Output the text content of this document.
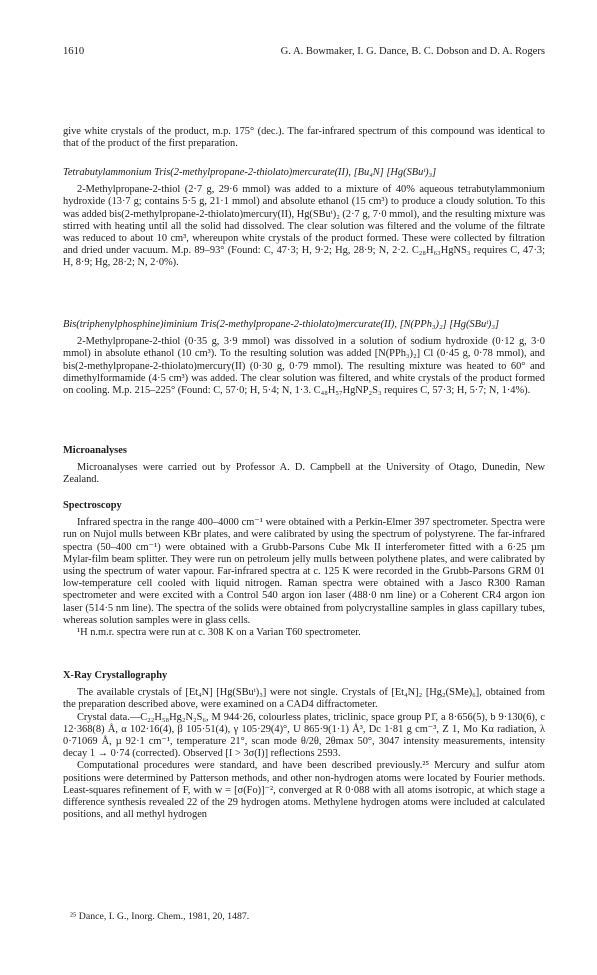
1610	G. A. Bowmaker, I. G. Dance, B. C. Dobson and D. A. Rogers

give white crystals of the product, m.p. 175° (dec.). The far-infrared spectrum of this compound was identical to that of the product of the first preparation.

Tetrabutylammonium Tris(2-methylpropane-2-thiolato)mercurate(II), [Bu₄N] [Hg(SBuᵗ)₃]

2-Methylpropane-2-thiol (2·7 g, 29·6 mmol) was added to a mixture of 40% aqueous tetrabutylammonium hydroxide (13·7 g; contains 5·5 g, 21·1 mmol) and absolute ethanol (15 cm³) to produce a cloudy solution. To this was added bis(2-methylpropane-2-thiolato)mercury(II), Hg(SBuᵗ)₂ (2·7 g, 7·0 mmol), and the resulting mixture was stirred with heating until all the solid had dissolved. The clear solution was filtered and the volume of the filtrate was reduced to about 10 cm³, whereupon white crystals of the product formed. These were collected by filtration and dried under vacuum. M.p. 89–93° (Found: C, 47·3; H, 9·2; Hg, 28·9; N, 2·2. C₂₈H₆₃HgNS₃ requires C, 47·3; H, 8·9; Hg, 28·2; N, 2·0%).

Bis(triphenylphosphine)iminium Tris(2-methylpropane-2-thiolato)mercurate(II), [N(PPh₃)₂] [Hg(SBuᵗ)₃]

2-Methylpropane-2-thiol (0·35 g, 3·9 mmol) was dissolved in a solution of sodium hydroxide (0·12 g, 3·0 mmol) in absolute ethanol (10 cm³). To the resulting solution was added [N(PPh₃)₂] Cl (0·45 g, 0·78 mmol), and bis(2-methylpropane-2-thiolato)mercury(II) (0·30 g, 0·79 mmol). The resulting mixture was heated to 60° and dimethylformamide (4·5 cm³) was added. The clear solution was filtered, and white crystals of the product formed on cooling. M.p. 215–225° (Found: C, 57·0; H, 5·4; N, 1·3. C₄₈H₅₇HgNP₂S₃ requires C, 57·3; H, 5·7; N, 1·4%).

Microanalyses

Microanalyses were carried out by Professor A. D. Campbell at the University of Otago, Dunedin, New Zealand.

Spectroscopy

Infrared spectra in the range 400–4000 cm⁻¹ were obtained with a Perkin-Elmer 397 spectrometer. Spectra were run on Nujol mulls between KBr plates, and were calibrated by using the spectrum of polystyrene. The far-infrared spectra (50–400 cm⁻¹) were obtained with a Grubb-Parsons Cube Mk II interferometer fitted with a 6·25 µm Mylar-film beam splitter. They were run on petroleum jelly mulls between polythene plates, and were calibrated by using the spectrum of water vapour. Far-infrared spectra at c. 125 K were recorded in the Grubb-Parsons GRM 01 low-temperature cell cooled with liquid nitrogen. Raman spectra were obtained with a Jasco R300 Raman spectrometer and were excited with a Control 540 argon ion laser (488·0 nm line) or a Coherent CR4 argon ion laser (514·5 nm line). The spectra of the solids were obtained from polycrystalline samples in glass capillary tubes, whereas solution samples were in glass cells.

¹H n.m.r. spectra were run at c. 308 K on a Varian T60 spectrometer.

X-Ray Crystallography

The available crystals of [Et₄N] [Hg(SBuᵗ)₃] were not single. Crystals of [Et₄N]₂ [Hg₂(SMe)₆], obtained from the preparation described above, were examined on a CAD4 diffractometer.

Crystal data.—C₂₂H₅₈Hg₂N₂S₆, M 944·26, colourless plates, triclinic, space group P1̄, a 8·656(5), b 9·130(6), c 12·368(8) Å, α 102·16(4), β 105·51(4), γ 105·29(4)°, U 865·9(1·1) Å³, Dc 1·81 g cm⁻³, Z 1, Mo Kα radiation, λ 0·71069 Å, µ 92·1 cm⁻¹, temperature 21°, scan mode θ/2θ, 2θmax 50°, 3047 intensity measurements, intensity decay 1 → 0·74 (corrected). Observed [I > 3σ(I)] reflections 2593.

Computational procedures were standard, and have been described previously.²⁵ Mercury and sulfur atom positions were determined by Patterson methods, and other non-hydrogen atoms were located by Fourier methods. Least-squares refinement of F, with w = [σ(Fo)]⁻², converged at R 0·088 with all atoms isotropic, at which stage a difference synthesis revealed 22 of the 29 hydrogen atoms. Methylene hydrogen atoms were included at calculated positions, and all methyl hydrogen

²⁵ Dance, I. G., Inorg. Chem., 1981, 20, 1487.
